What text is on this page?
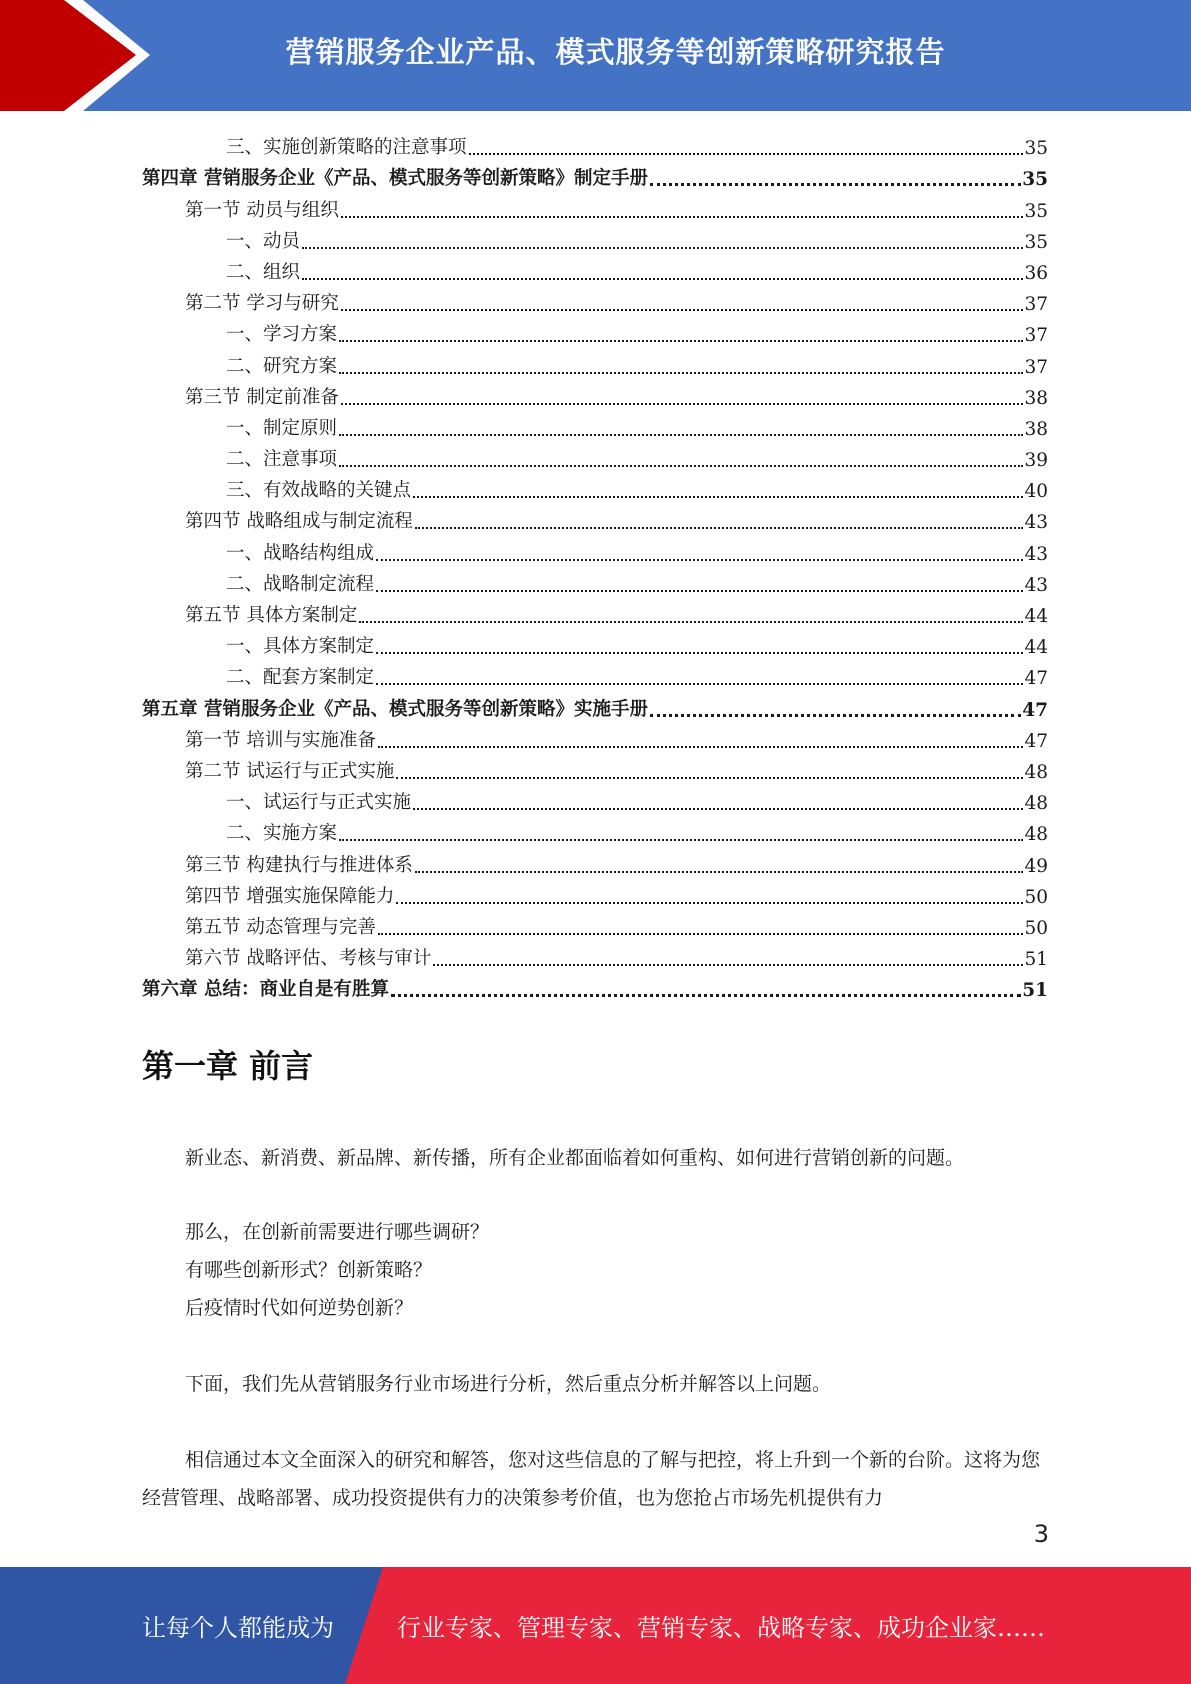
营销服务企业产品、模式服务等创新策略研究报告
三、实施创新策略的注意事项	35
第四章 营销服务企业《产品、模式服务等创新策略》制定手册	35
第一节 动员与组织	35
一、动员	35
二、组织	36
第二节 学习与研究	37
一、学习方案	37
二、研究方案	37
第三节 制定前准备	38
一、制定原则	38
二、注意事项	39
三、有效战略的关键点	40
第四节 战略组成与制定流程	43
一、战略结构组成	43
二、战略制定流程	43
第五节 具体方案制定	44
一、具体方案制定	44
二、配套方案制定	47
第五章 营销服务企业《产品、模式服务等创新策略》实施手册	47
第一节 培训与实施准备	47
第二节 试运行与正式实施	48
一、试运行与正式实施	48
二、实施方案	48
第三节 构建执行与推进体系	49
第四节 增强实施保障能力	50
第五节 动态管理与完善	50
第六节 战略评估、考核与审计	51
第六章 总结：商业自是有胜算	51
第一章 前言
新业态、新消费、新品牌、新传播，所有企业都面临着如何重构、如何进行营销创新的问题。
那么，在创新前需要进行哪些调研？
有哪些创新形式？创新策略？
后疫情时代如何逆势创新？
下面，我们先从营销服务行业市场进行分析，然后重点分析并解答以上问题。
相信通过本文全面深入的研究和解答，您对这些信息的了解与把控，将上升到一个新的台阶。这将为您经营管理、战略部署、成功投资提供有力的决策参考价值，也为您抢占市场先机提供有力
3
让每个人都能成为	行业专家、管理专家、营销专家、战略专家、成功企业家……
